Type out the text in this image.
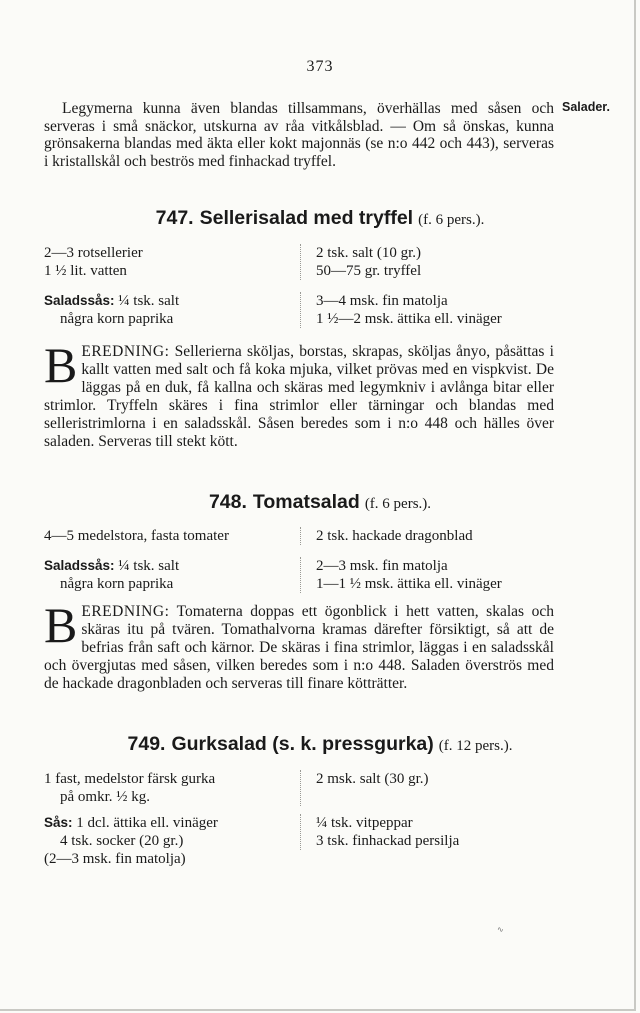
373

Legymerna kunna även blandas tillsammans, överhällas med såsen och serveras i små snäckor, utskurna av råa vitkålsblad. — Om så önskas, kunna grönsakerna blandas med äkta eller kokt majonnäs (se n:o 442 och 443), serveras i kristallskål och beströs med finhackad tryffel.

Salader.
747. Sellerisalad med tryffel (f. 6 pers.).
2—3 rotsellerier
1 ½ lit. vatten
2 tsk. salt (10 gr.)
50—75 gr. tryffel
Saladssås: ¼ tsk. salt
några korn paprika
3—4 msk. fin matolja
1 ½—2 msk. ättika ell. vinäger
BEREDNING: Sellerierna sköljas, borstas, skrapas, sköljas ånyo, påsättas i kallt vatten med salt och få koka mjuka, vilket prövas med en vispkvist. De läggas på en duk, få kallna och skäras med legymkniv i avlånga bitar eller strimlor. Tryffeln skäres i fina strimlor eller tärningar och blandas med selleristrimlorna i en saladsskål. Såsen beredes som i n:o 448 och hälles över saladen. Serveras till stekt kött.
748. Tomatsalad (f. 6 pers.).
4—5 medelstora, fasta tomater	2 tsk. hackade dragonblad
Saladssås: ¼ tsk. salt
några korn paprika
2—3 msk. fin matolja
1—1 ½ msk. ättika ell. vinäger
BEREDNING: Tomaterna doppas ett ögonblick i hett vatten, skalas och skäras itu på tvären. Tomathalvorna kramas därefter försiktigt, så att de befrias från saft och kärnor. De skäras i fina strimlor, läggas i en saladsskål och övergjutas med såsen, vilken beredes som i n:o 448. Saladen överströs med de hackade dragonbladen och serveras till finare kötträtter.
749. Gurksalad (s. k. pressgurka) (f. 12 pers.).
1 fast, medelstor färsk gurka
på omkr. ½ kg.
2 msk. salt (30 gr.)
Sås: 1 dcl. ättika ell. vinäger
4 tsk. socker (20 gr.)
(2—3 msk. fin matolja)
¼ tsk. vitpeppar
3 tsk. finhackad persilja
∿
